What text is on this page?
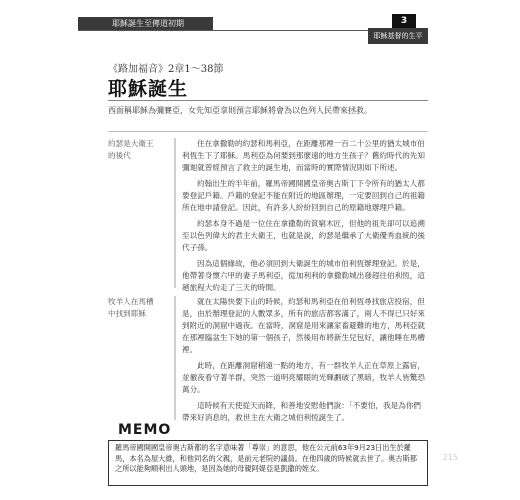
耶穌誕生至傳道初期	3
耶穌基督的生平
《路加福音》2章1～38節
耶穌誕生
西面稱耶穌為彌賽亞，女先知亞拿則預言耶穌將會為以色列人民帶來拯救。
約瑟是大衛王的後代

住在拿撒勒的約瑟和馬利亞，在距離那裡一百二十公里的猶太城市伯利恆生下了耶穌。馬利亞為何要到那麼遠的地方生孩子？舊約時代的先知彌迦就曾經預言了救主的誕生地，而當時的實際情況則如下所述。

約翰出生的半年前，羅馬帝國開國皇帝奧古斯丁下令所有的猶太人都要登記戶籍。戶籍的登記不能在附近的地區辦理，一定要回到自己的祖籍所在地申請登記。因此，有許多人紛紛回到自己的原籍地辦理戶籍。

約瑟本身不過是一位住在拿撒勒的貧窮木匠，但他的祖先卻可以追溯至以色列偉大的君主大衛王，也就是說，約瑟是繼承了大衛優秀血統的後代子孫。

因為這個緣故，他必須回到大衛誕生的城市伯利恆辦理登記。於是，他帶著身懷六甲的妻子馬利亞，從加利利的拿撒勒城出發趕往伯利恆，這趟旅程大約走了三天的時間。

牧羊人在馬槽中找到耶穌

就在太陽快要下山的時候，約瑟和馬利亞在伯利恆尋找旅店投宿，但是，由於辦理登記的人數眾多，所有的旅店都客滿了，兩人不得已只好來到附近的洞窟中過夜。在當時，洞窟是用來讓家畜避難的地方，馬利亞就在那裡臨盆生下她的第一個孩子，然後用布將新生兒包好，讓他睡在馬槽裡。

此時，在距離洞窟稍遠一點的地方，有一群牧羊人正在草原上露宿，並徹夜看守著羊群，突然一道明亮耀眼的光輝劃破了黑暗，牧羊人皆驚恐萬分。

這時候有天使從天而降，和善地安慰他們說：「不要怕，我是為你們帶來好消息的，救世主在大衛之城伯利恆誕生了。

MEMO
羅馬帝國開國皇帝奧古斯都的名字意味著「尊崇」的意思，他在公元前63年9月23日出生於羅馬，本名為屋大維，和他同名的父親，是前元老院的議員。在他四歲的時候就去世了。奧古斯都之所以能夠順利出人頭地，是因為她的母親阿媞亞是凱撒的姪女。
215
